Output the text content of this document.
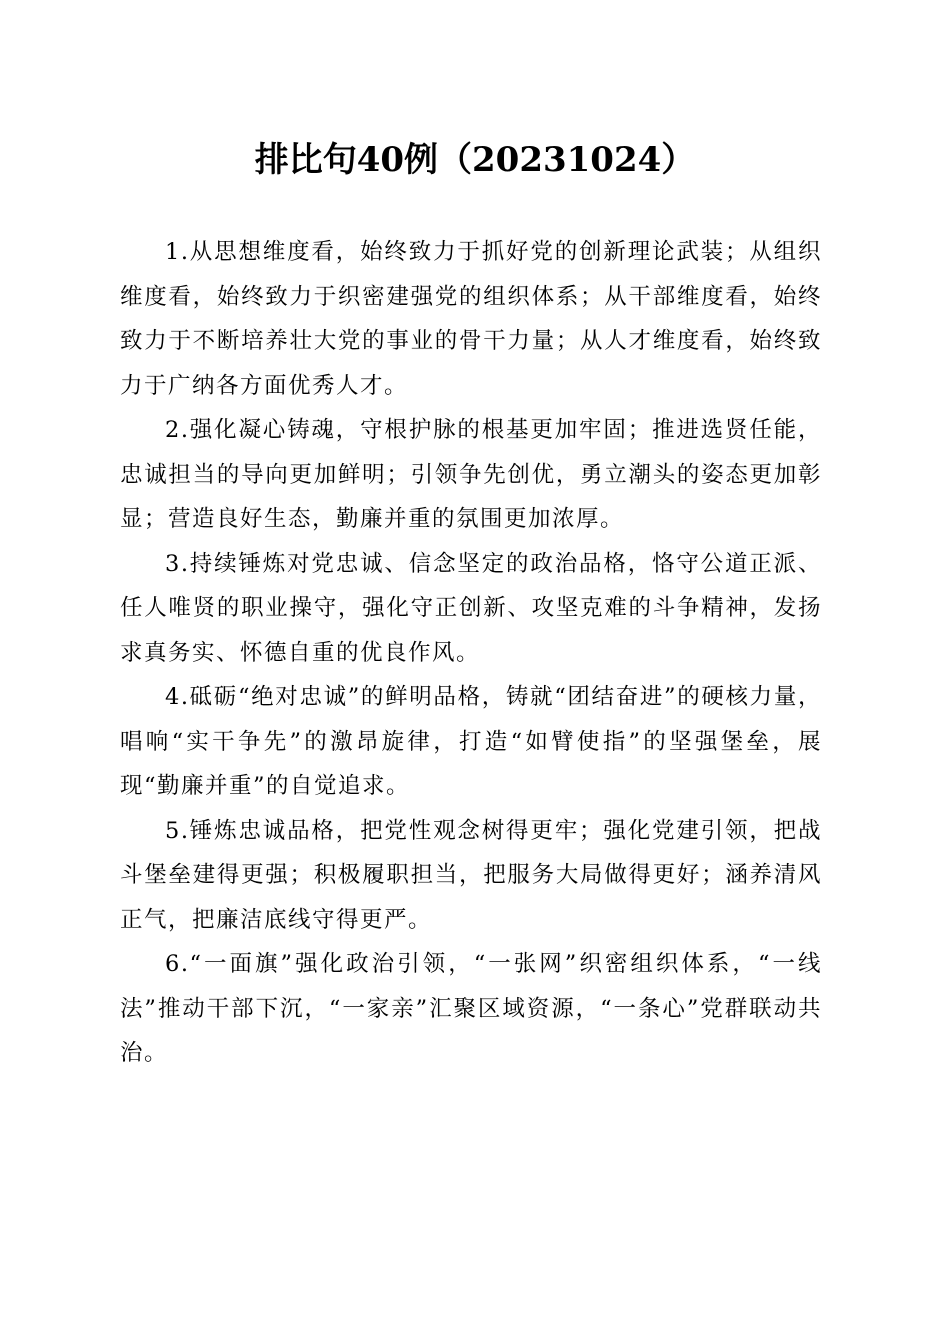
排比句40例（20231024）

1.从思想维度看，始终致力于抓好党的创新理论武装；从组织维度看，始终致力于织密建强党的组织体系；从干部维度看，始终致力于不断培养壮大党的事业的骨干力量；从人才维度看，始终致力于广纳各方面优秀人才。

2.强化凝心铸魂，守根护脉的根基更加牢固；推进选贤任能，忠诚担当的导向更加鲜明；引领争先创优，勇立潮头的姿态更加彰显；营造良好生态，勤廉并重的氛围更加浓厚。

3.持续锤炼对党忠诚、信念坚定的政治品格，恪守公道正派、任人唯贤的职业操守，强化守正创新、攻坚克难的斗争精神，发扬求真务实、怀德自重的优良作风。

4.砥砺“绝对忠诚”的鲜明品格，铸就“团结奋进”的硬核力量，唱响“实干争先”的激昂旋律，打造“如臂使指”的坚强堡垒，展现“勤廉并重”的自觉追求。

5.锤炼忠诚品格，把党性观念树得更牢；强化党建引领，把战斗堡垒建得更强；积极履职担当，把服务大局做得更好；涵养清风正气，把廉洁底线守得更严。

6.“一面旗”强化政治引领，“一张网”织密组织体系，“一线法”推动干部下沉，“一家亲”汇聚区域资源，“一条心”党群联动共治。
